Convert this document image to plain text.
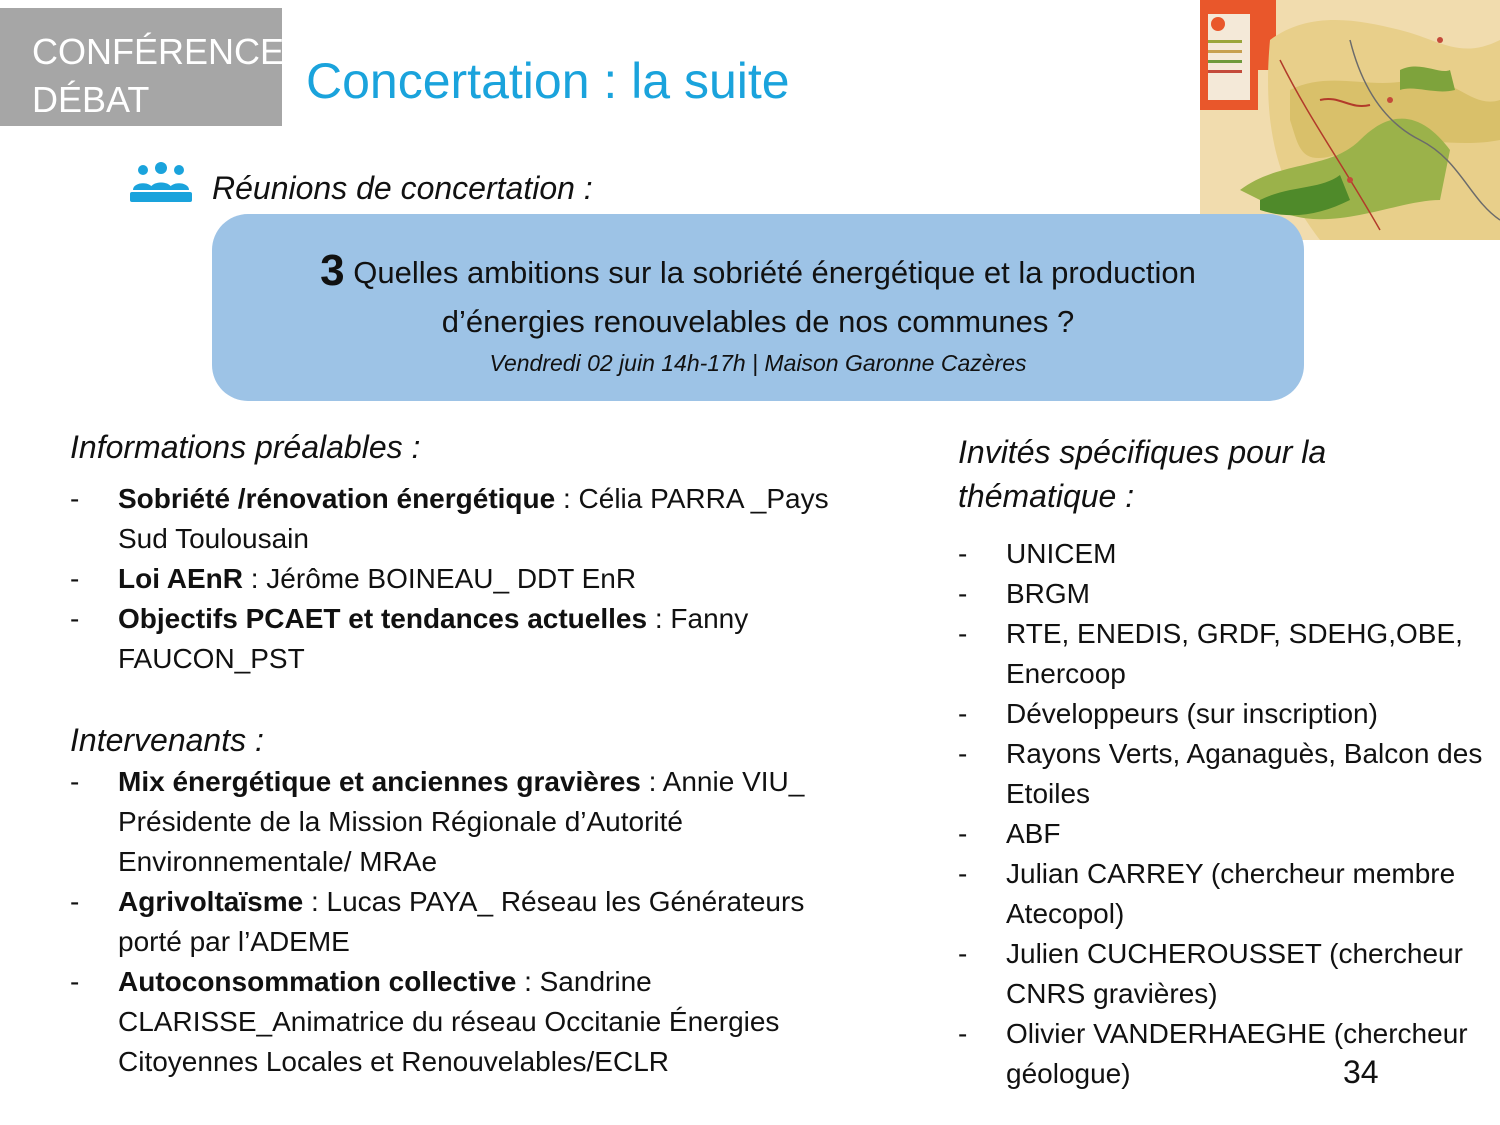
CONFÉRENCE
DÉBAT	Concertation : la suite
Réunions de concertation :
3 Quelles ambitions sur la sobriété énergétique et la production d’énergies renouvelables de nos communes ?
Vendredi 02 juin 14h-17h | Maison Garonne Cazères

Informations préalables :

- Sobriété /rénovation énergétique : Célia PARRA _Pays Sud Toulousain
- Loi AEnR : Jérôme BOINEAU_ DDT EnR
- Objectifs PCAET et tendances actuelles : Fanny FAUCON_PST

Intervenants :

- Mix énergétique et anciennes gravières : Annie VIU_ Présidente de la Mission Régionale d’Autorité Environnementale/ MRAe
- Agrivoltaïsme : Lucas PAYA_ Réseau les Générateurs porté par l’ADEME
- Autoconsommation collective : Sandrine CLARISSE_Animatrice du réseau Occitanie Énergies Citoyennes Locales et Renouvelables/ECLR

Invités spécifiques pour la
thématique :

- UNICEM
- BRGM
- RTE, ENEDIS, GRDF, SDEHG,OBE, Enercoop
- Développeurs (sur inscription)
- Rayons Verts, Aganaguès, Balcon des Etoiles
- ABF
- Julian CARREY (chercheur membre Atecopol)
- Julien CUCHEROUSSET (chercheur CNRS gravières)
- Olivier VANDERHAEGHE (chercheur géologue)	34
